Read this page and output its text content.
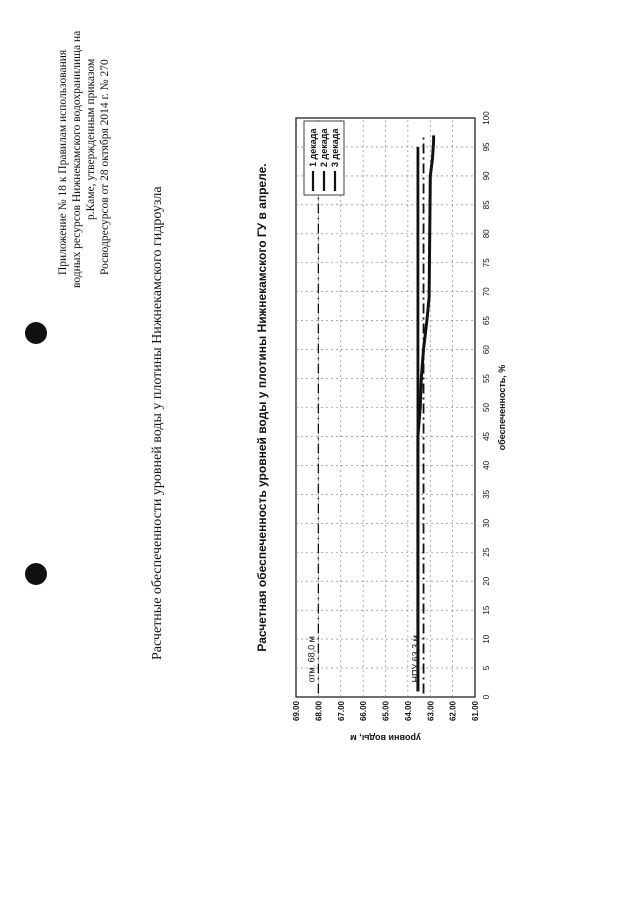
Приложение № 18 к Правилам использования водных ресурсов Нижнекамского водохранилища на р.Каме, утвержденным приказом Росводресурсов от 28 октября 2014 г. № 270
Расчетные обеспеченности уровней воды у плотины Нижнекамского гидроузла	Расчетная обеспеченность уровней воды у плотины Нижнекамского ГУ в апреле.
0
5
10
15
20
25
30
35
40
45
50
55
60
65
70
75
80
85
90
95
100
61.00
62.00
63.00
64.00
65.00
66.00
67.00
68.00
69.00
обеспеченность, %
уровни воды, м
отм. 68,0 м	НПУ 63,3 м
1 декада 2 декада 3 декада
